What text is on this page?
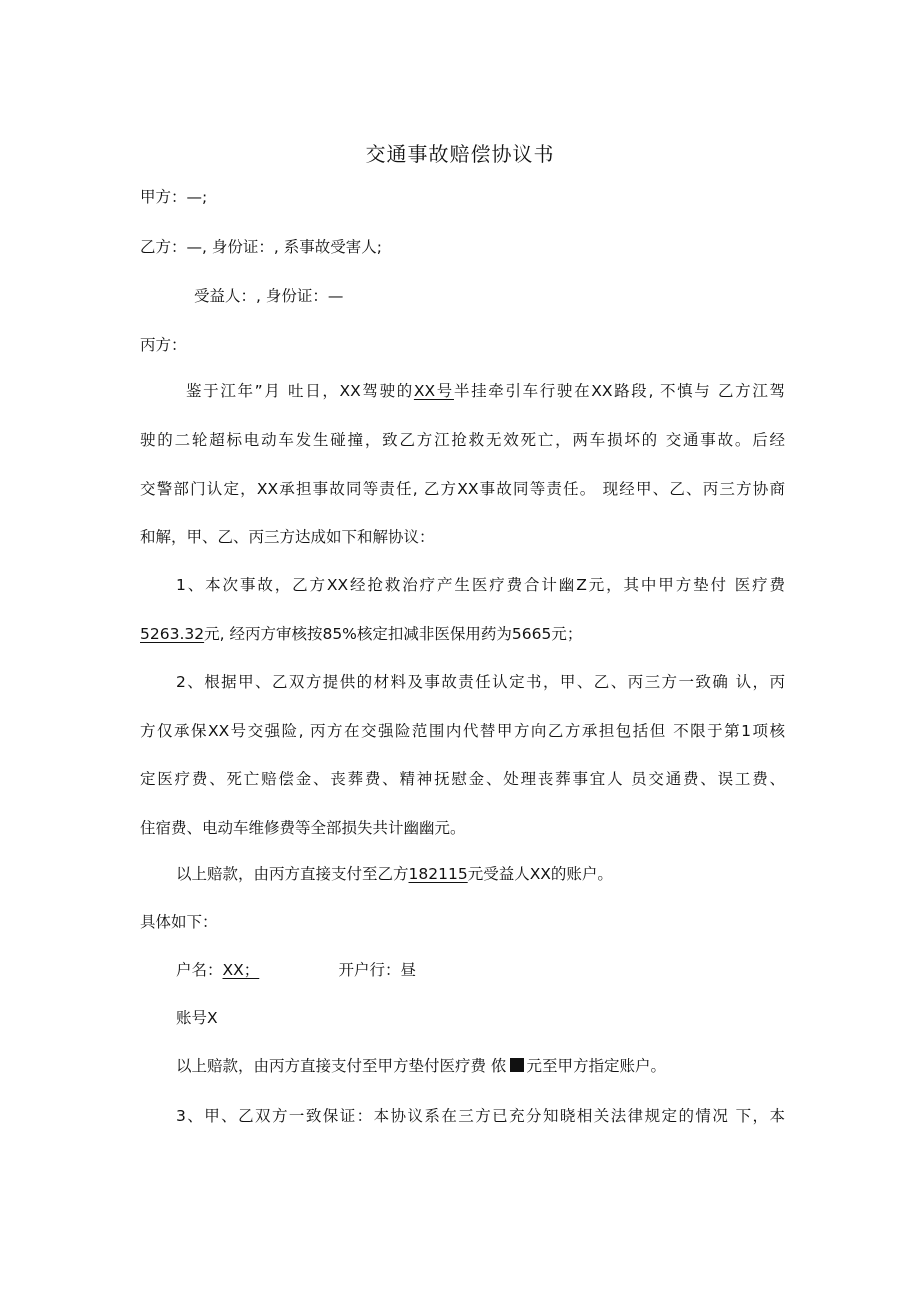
交通事故赔偿协议书
甲方：—;
乙方：—, 身份证：, 系事故受害人;
受益人：, 身份证：—
丙方：
鉴于江年”月 吐日，XX驾驶的XX号半挂牵引车行驶在XX路段, 不慎与 乙方江驾
驶的二轮超标电动车发生碰撞，致乙方江抢救无效死亡，两车损坏的 交通事故。后经
交警部门认定，XX承担事故同等责任, 乙方XX事故同等责任。 现经甲、乙、丙三方协商
和解，甲、乙、丙三方达成如下和解协议：
1、本次事故，乙方XX经抢救治疗产生医疗费合计幽Z元，其中甲方垫付 医疗费
5263.32元, 经丙方审核按85%核定扣减非医保用药为5665元；
2、根据甲、乙双方提供的材料及事故责任认定书，甲、乙、丙三方一致确 认，丙
方仅承保XX号交强险, 丙方在交强险范围内代替甲方向乙方承担包括但 不限于第1项核
定医疗费、死亡赔偿金、丧葬费、精神抚慰金、处理丧葬事宜人 员交通费、误工费、
住宿费、电动车维修费等全部损失共计幽幽元。
以上赔款，由丙方直接支付至乙方182115元受益人XX的账户。
具体如下：
户名：XX；	开户行：昼
账号X
以上赔款，由丙方直接支付至甲方垫付医疗费 侬 元至甲方指定账户。
3、甲、乙双方一致保证：本协议系在三方已充分知晓相关法律规定的情况 下，本
